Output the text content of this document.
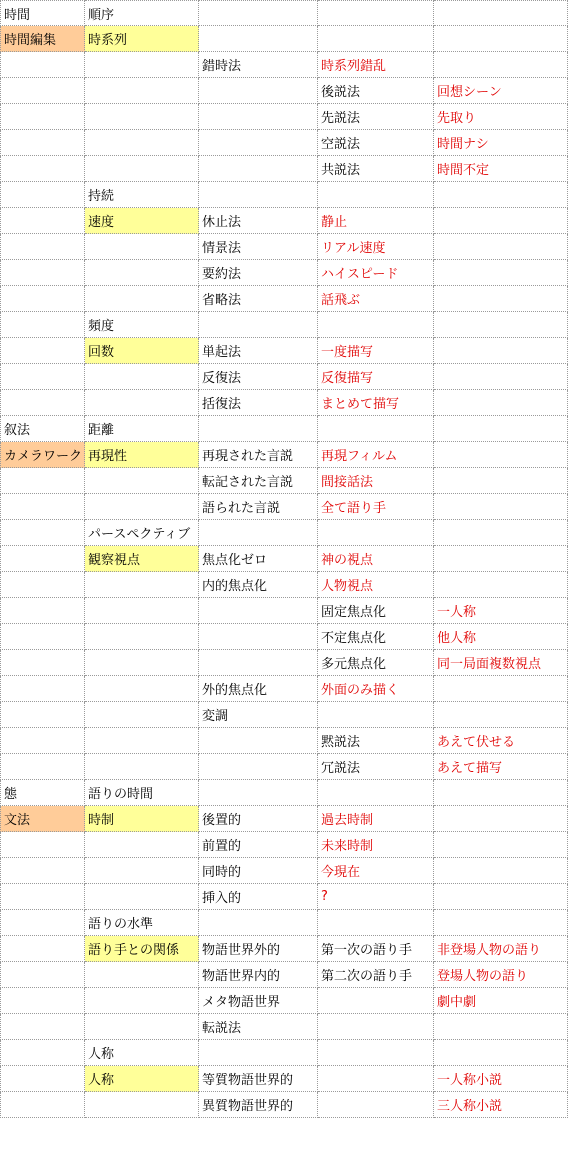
時間	順序			
時間編集	時系列			
		錯時法	時系列錯乱	
			後説法	回想シーン
			先説法	先取り
			空説法	時間ナシ
			共説法	時間不定
	持続			
	速度	休止法	静止	
		情景法	リアル速度	
		要約法	ハイスピード	
		省略法	話飛ぶ	
	頻度			
	回数	単起法	一度描写	
		反復法	反復描写	
		括復法	まとめて描写	
叙法	距離			
カメラワーク	再現性	再現された言説	再現フィルム	
		転記された言説	間接話法	
		語られた言説	全て語り手	
	パースペクティブ			
	観察視点	焦点化ゼロ	神の視点	
		内的焦点化	人物視点	
			固定焦点化	一人称
			不定焦点化	他人称
			多元焦点化	同一局面複数視点
		外的焦点化	外面のみ描く	
		変調		
			黙説法	あえて伏せる
			冗説法	あえて描写
態	語りの時間			
文法	時制	後置的	過去時制	
		前置的	未来時制	
		同時的	今現在	
		挿入的	?	
	語りの水準			
	語り手との関係	物語世界外的	第一次の語り手	非登場人物の語り
		物語世界内的	第二次の語り手	登場人物の語り
		メタ物語世界		劇中劇
		転説法		
	人称			
	人称	等質物語世界的		一人称小説
		異質物語世界的		三人称小説
